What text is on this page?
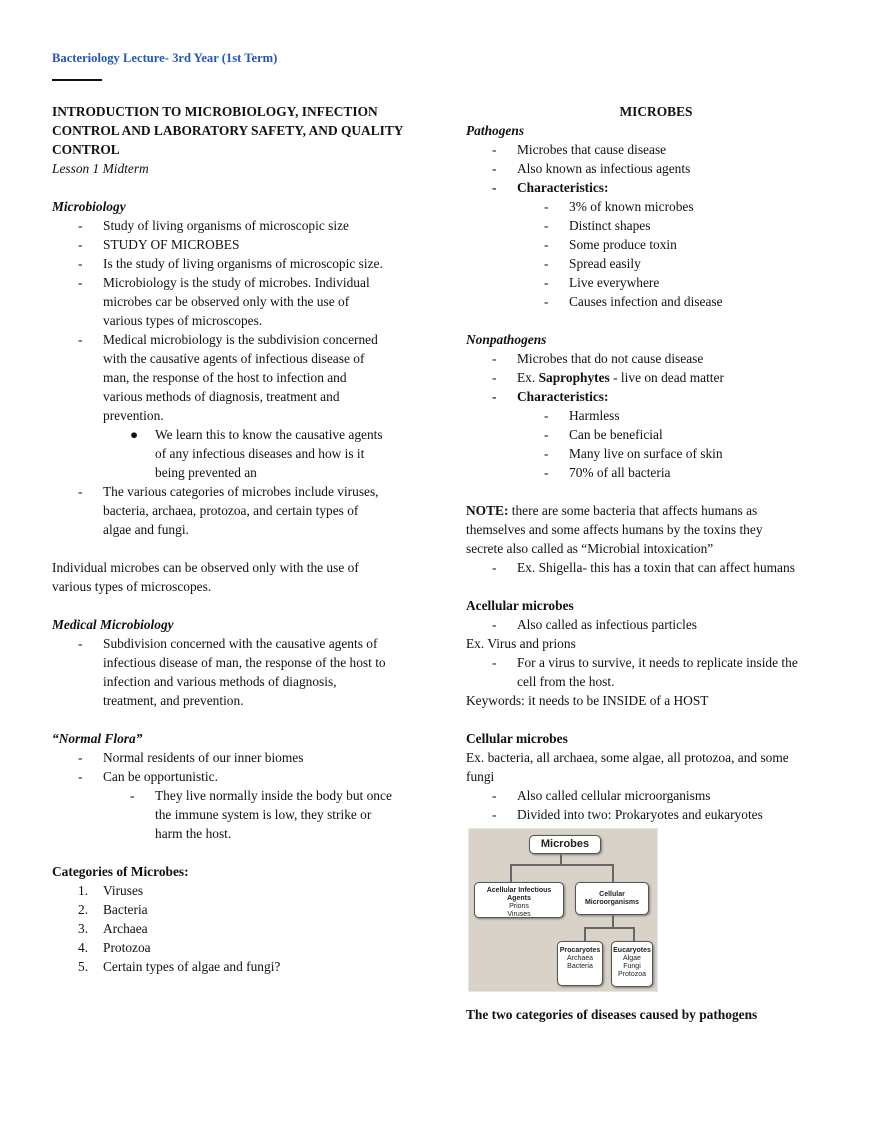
Bacteriology Lecture- 3rd Year (1st Term)
INTRODUCTION TO MICROBIOLOGY, INFECTION
CONTROL AND LABORATORY SAFETY, AND QUALITY
CONTROL
Lesson 1 Midterm
Microbiology
- Study of living organisms of microscopic size
- STUDY OF MICROBES
- Is the study of living organisms of microscopic size.
- Microbiology is the study of microbes. Individual
microbes car be observed only with the use of
various types of microscopes.
- Medical microbiology is the subdivision concerned
with the causative agents of infectious disease of
man, the response of the host to infection and
various methods of diagnosis, treatment and
prevention.
● We learn this to know the causative agents
of any infectious diseases and how is it
being prevented an
- The various categories of microbes include viruses,
bacteria, archaea, protozoa, and certain types of
algae and fungi.
Individual microbes can be observed only with the use of
various types of microscopes.
Medical Microbiology
- Subdivision concerned with the causative agents of
infectious disease of man, the response of the host to
infection and various methods of diagnosis,
treatment, and prevention.
“Normal Flora”
- Normal residents of our inner biomes
- Can be opportunistic.
- They live normally inside the body but once
the immune system is low, they strike or
harm the host.
Categories of Microbes:
1. Viruses
2. Bacteria
3. Archaea
4. Protozoa
5. Certain types of algae and fungi?
MICROBES
Pathogens
- Microbes that cause disease
- Also known as infectious agents
- Characteristics:
- 3% of known microbes
- Distinct shapes
- Some produce toxin
- Spread easily
- Live everywhere
- Causes infection and disease
Nonpathogens
- Microbes that do not cause disease
- Ex. Saprophytes - live on dead matter
- Characteristics:
- Harmless
- Can be beneficial
- Many live on surface of skin
- 70% of all bacteria
NOTE: there are some bacteria that affects humans as
themselves and some affects humans by the toxins they
secrete also called as “Microbial intoxication”
- Ex. Shigella- this has a toxin that can affect humans
Acellular microbes
- Also called as infectious particles
Ex. Virus and prions
- For a virus to survive, it needs to replicate inside the
cell from the host.
Keywords: it needs to be INSIDE of a HOST
Cellular microbes
Ex. bacteria, all archaea, some algae, all protozoa, and some
fungi
- Also called cellular microorganisms
- Divided into two: Prokaryotes and eukaryotes
Microbes
Acellular Infectious Agents
Prions
Viruses
Cellular Microorganisms
Procaryotes
Archaea
Bacteria
Eucaryotes
Algae
Fungi
Protozoa
The two categories of diseases caused by pathogens
